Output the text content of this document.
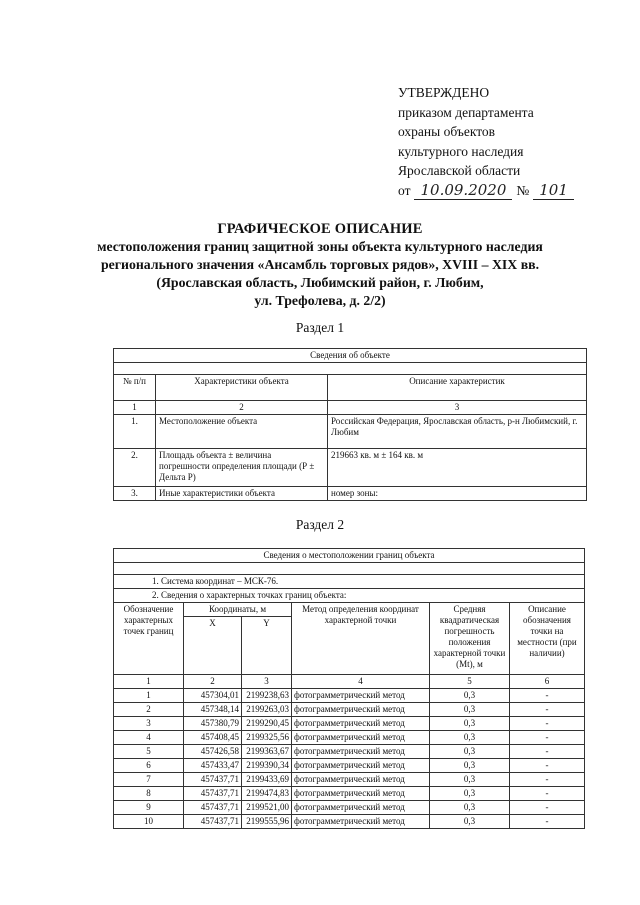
УТВЕРЖДЕНО
приказом департамента
охраны объектов
культурного наследия
Ярославской области
от 10.09.2020 № 101
ГРАФИЧЕСКОЕ ОПИСАНИЕ
местоположения границ защитной зоны объекта культурного наследия
регионального значения «Ансамбль торговых рядов», XVIII – XIX вв.
(Ярославская область, Любимский район, г. Любим,
ул. Трефолева, д. 2/2)
Раздел 1
Сведения об объекте		

№ п/п	Характеристики объекта	Описание характеристик
1	2	3
1.	Местоположение объекта	Российская Федерация, Ярославская область, р-н Любимский, г. Любим
2.	Площадь объекта ± величина погрешности определения площади (Р ± Дельта Р)	219663 кв. м ± 164 кв. м
3.	Иные характеристики объекта	номер зоны:
Раздел 2
Сведения о местоположении границ объекта					

1. Система координат – МСК-76.					
2. Сведения о характерных точках границ объекта:					
Обозначение характерных точек границ	Координаты, м		Метод определения координат характерной точки	Средняя квадратическая погрешность положения характерной точки (Mt), м	Описание обозначения точки на местности (при наличии)
	X	Y			
1	2	3	4	5	6
1	457304,01	2199238,63	фотограмметрический метод	0,3	-
2	457348,14	2199263,03	фотограмметрический метод	0,3	-
3	457380,79	2199290,45	фотограмметрический метод	0,3	-
4	457408,45	2199325,56	фотограмметрический метод	0,3	-
5	457426,58	2199363,67	фотограмметрический метод	0,3	-
6	457433,47	2199390,34	фотограмметрический метод	0,3	-
7	457437,71	2199433,69	фотограмметрический метод	0,3	-
8	457437,71	2199474,83	фотограмметрический метод	0,3	-
9	457437,71	2199521,00	фотограмметрический метод	0,3	-
10	457437,71	2199555,96	фотограмметрический метод	0,3	-
